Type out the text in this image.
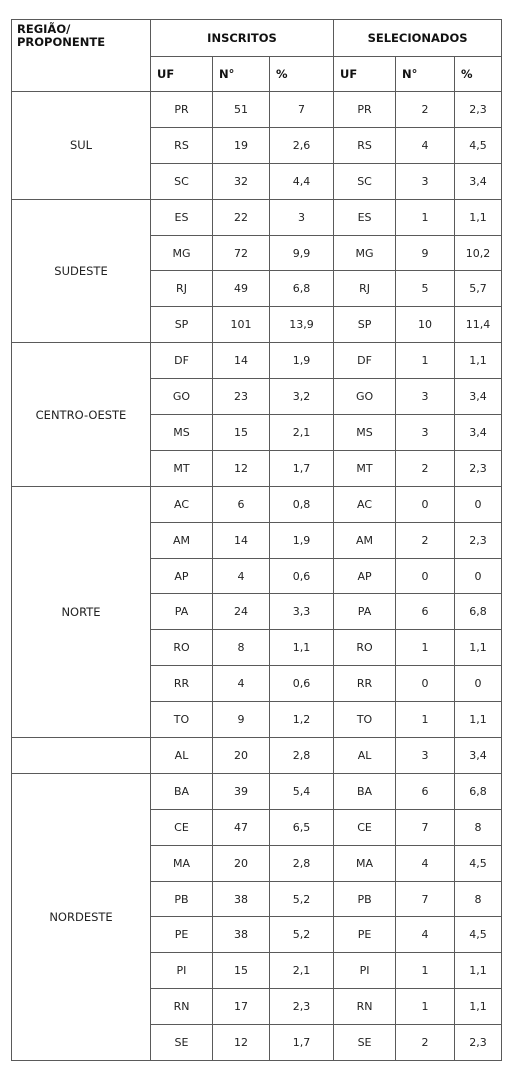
REGIÃO/
PROPONENTE	INSCRITOS			SELECIONADOS		
	UF	N°	%	UF	N°	%
SUL	PR	51	7	PR	2	2,3
	RS	19	2,6	RS	4	4,5
	SC	32	4,4	SC	3	3,4
SUDESTE	ES	22	3	ES	1	1,1
	MG	72	9,9	MG	9	10,2
	RJ	49	6,8	RJ	5	5,7
	SP	101	13,9	SP	10	11,4
CENTRO-OESTE	DF	14	1,9	DF	1	1,1
	GO	23	3,2	GO	3	3,4
	MS	15	2,1	MS	3	3,4
	MT	12	1,7	MT	2	2,3
NORTE	AC	6	0,8	AC	0	0
	AM	14	1,9	AM	2	2,3
	AP	4	0,6	AP	0	0
	PA	24	3,3	PA	6	6,8
	RO	8	1,1	RO	1	1,1
	RR	4	0,6	RR	0	0
	TO	9	1,2	TO	1	1,1
	AL	20	2,8	AL	3	3,4
NORDESTE	BA	39	5,4	BA	6	6,8
	CE	47	6,5	CE	7	8
	MA	20	2,8	MA	4	4,5
	PB	38	5,2	PB	7	8
	PE	38	5,2	PE	4	4,5
	PI	15	2,1	PI	1	1,1
	RN	17	2,3	RN	1	1,1
	SE	12	1,7	SE	2	2,3
